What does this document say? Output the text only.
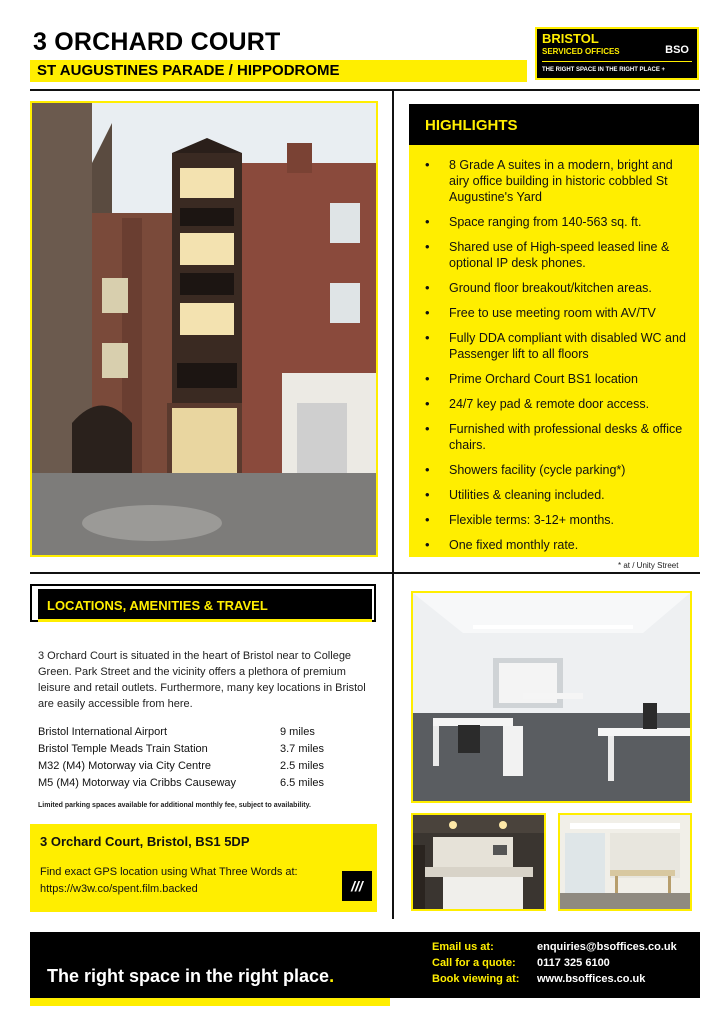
3 ORCHARD COURT
ST AUGUSTINES PARADE / HIPPODROME
BRISTOL
SERVICED OFFICES	BSO
THE RIGHT SPACE IN THE RIGHT PLACE +
HIGHLIGHTS
• 8 Grade A suites in a modern, bright and airy office building in historic cobbled St Augustine's Yard
• Space ranging from 140-563 sq. ft.
• Shared use of High-speed leased line & optional IP desk phones.
• Ground floor breakout/kitchen areas.
• Free to use meeting room with AV/TV
• Fully DDA compliant with disabled WC and Passenger lift to all floors
• Prime Orchard Court BS1 location
• 24/7 key pad & remote door access.
• Furnished with professional desks & office chairs.
• Showers facility (cycle parking*)
• Utilities & cleaning included.
• Flexible terms: 3-12+ months.
• One fixed monthly rate.
* at / Unity Street
LOCATIONS, AMENITIES & TRAVEL
3 Orchard Court is situated in the heart of Bristol near to College Green. Park Street and the vicinity offers a plethora of premium leisure and retail outlets. Furthermore, many key locations in Bristol are easily accessible from here.
Bristol International Airport	9 miles
Bristol Temple Meads Train Station	3.7 miles
M32 (M4) Motorway via City Centre	2.5 miles
M5 (M4) Motorway via Cribbs Causeway	6.5 miles
Limited parking spaces available for additional monthly fee, subject to availability.
3 Orchard Court, Bristol, BS1 5DP
Find exact GPS location using What Three Words at:
https://w3w.co/spent.film.backed	///
The right space in the right place.
Email us at:	enquiries@bsoffices.co.uk
Call for a quote: 0117 325 6100
Book viewing at: www.bsoffices.co.uk
